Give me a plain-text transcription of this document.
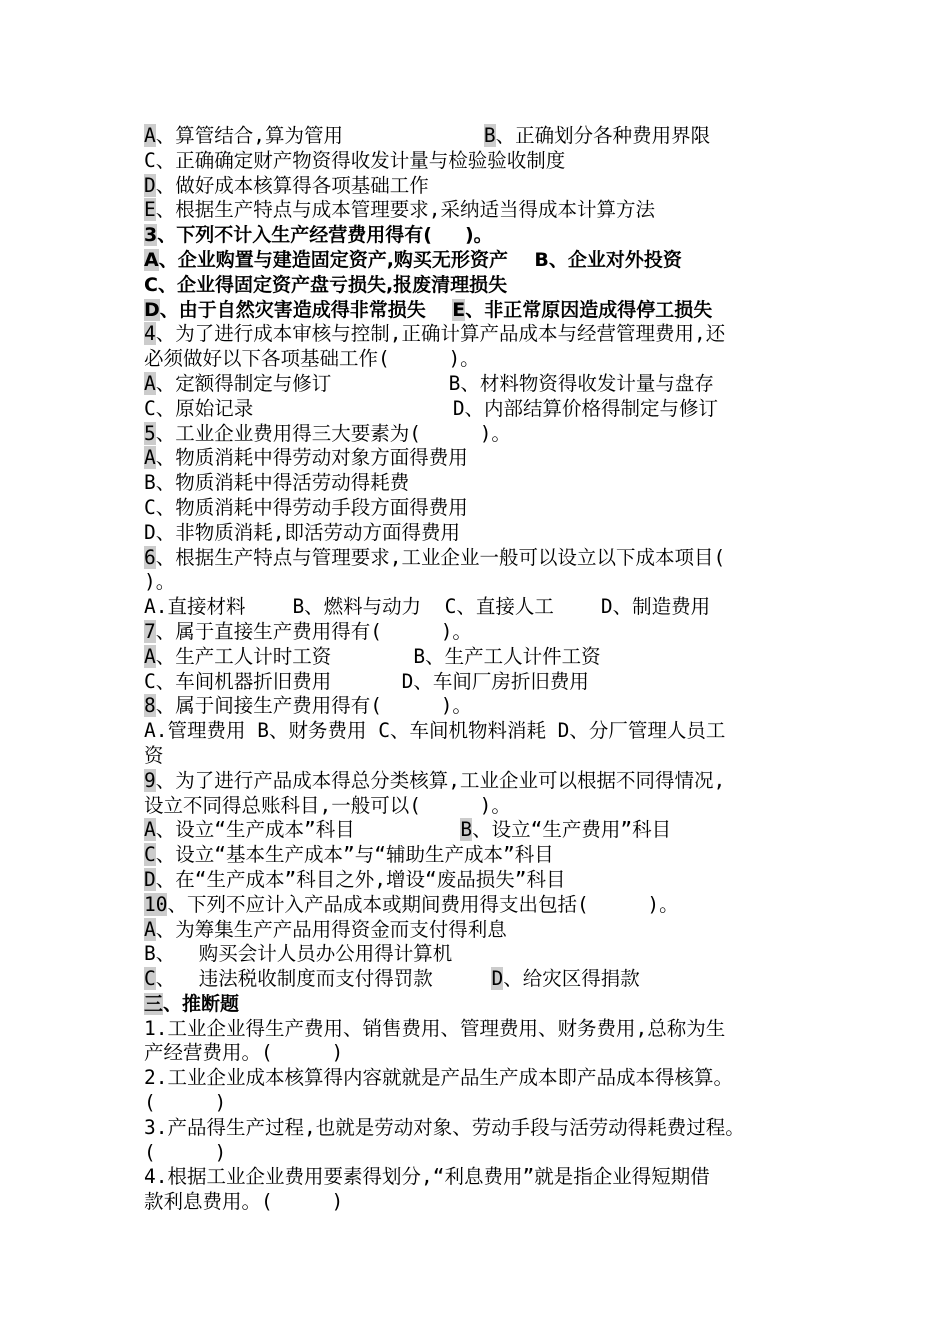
A、算管结合,算为管用            B、正确划分各种费用界限
C、正确确定财产物资得收发计量与检验验收制度
D、做好成本核算得各项基础工作
E、根据生产特点与成本管理要求,采纳适当得成本计算方法
3、下列不计入生产经营费用得有(     )。
A、企业购置与建造固定资产,购买无形资产    B、企业对外投资
C、企业得固定资产盘亏损失,报废清理损失
D、由于自然灾害造成得非常损失    E、非正常原因造成得停工损失
4、为了进行成本审核与控制,正确计算产品成本与经营管理费用,还
必须做好以下各项基础工作(     )。
A、定额得制定与修订          B、材料物资得收发计量与盘存
C、原始记录                 D、内部结算价格得制定与修订
5、工业企业费用得三大要素为(     )。
A、物质消耗中得劳动对象方面得费用
B、物质消耗中得活劳动得耗费
C、物质消耗中得劳动手段方面得费用
D、非物质消耗,即活劳动方面得费用
6、根据生产特点与管理要求,工业企业一般可以设立以下成本项目(
)。
A.直接材料    B、燃料与动力  C、直接人工    D、制造费用
7、属于直接生产费用得有(     )。
A、生产工人计时工资       B、生产工人计件工资
C、车间机器折旧费用      D、车间厂房折旧费用
8、属于间接生产费用得有(     )。
A.管理费用 B、财务费用 C、车间机物料消耗 D、分厂管理人员工
资
9、为了进行产品成本得总分类核算,工业企业可以根据不同得情况,
设立不同得总账科目,一般可以(     )。
A、设立“生产成本”科目         B、设立“生产费用”科目
C、设立“基本生产成本”与“辅助生产成本”科目
D、在“生产成本”科目之外,增设“废品损失”科目
10、下列不应计入产品成本或期间费用得支出包括(     )。
A、为筹集生产产品用得资金而支付得利息
B、  购买会计人员办公用得计算机
C、  违法税收制度而支付得罚款     D、给灾区得捐款
三、推断题
1.工业企业得生产费用、销售费用、管理费用、财务费用,总称为生
产经营费用。(     )
2.工业企业成本核算得内容就就是产品生产成本即产品成本得核算。
(     )
3.产品得生产过程,也就是劳动对象、劳动手段与活劳动得耗费过程。
(     )
4.根据工业企业费用要素得划分,“利息费用”就是指企业得短期借
款利息费用。(     )
